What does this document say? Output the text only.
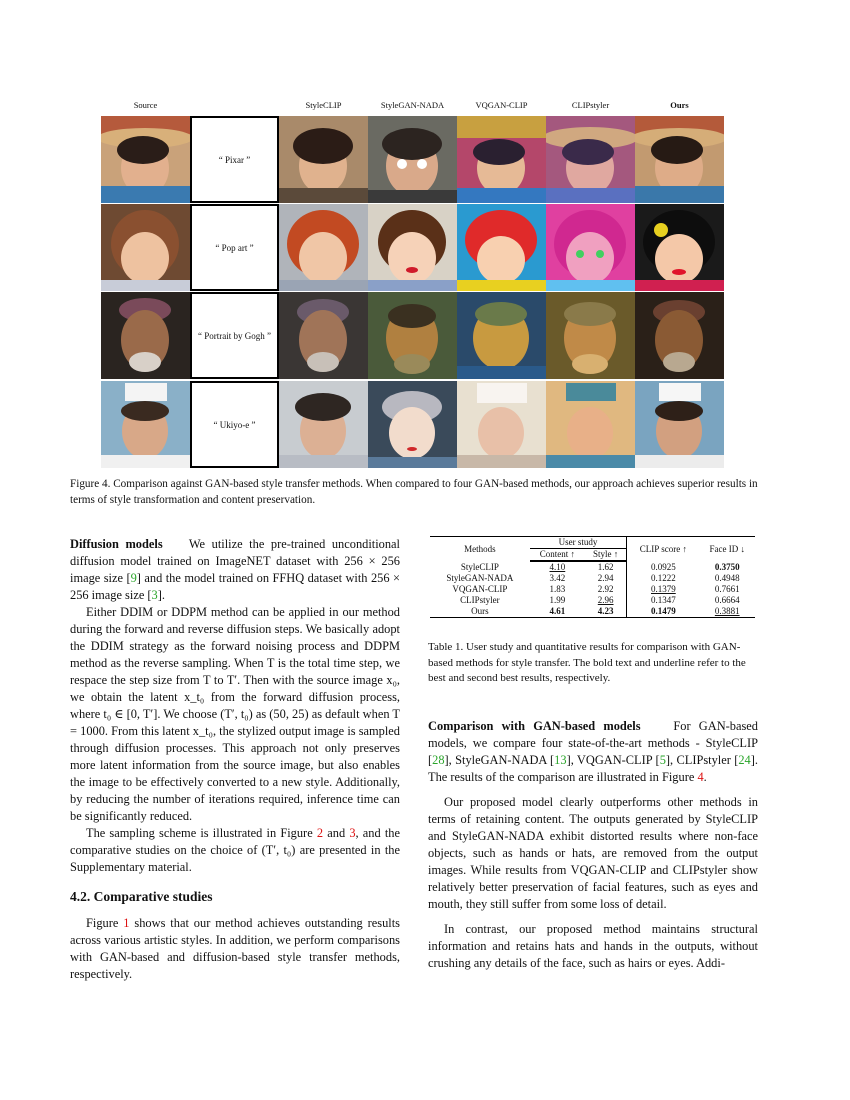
Source	StyleCLIP	StyleGAN-NADA	VQGAN-CLIP	CLIPstyler	Ours
“ Pixar ”
“ Pop art ”
“ Portrait by Gogh ”
“ Ukiyo-e ”
Figure 4. Comparison against GAN-based style transfer methods. When compared to four GAN-based methods, our approach achieves superior results in terms of style transformation and content preservation.

Diffusion models We utilize the pre-trained unconditional diffusion model trained on ImageNET dataset with 256 × 256 image size [9] and the model trained on FFHQ dataset with 256 × 256 image size [3].

Either DDIM or DDPM method can be applied in our method during the forward and reverse diffusion steps. We basically adopt the DDIM strategy as the forward noising process and DDPM method as the reverse sampling. When T is the total time step, we respace the step size from T to T′. Then with the source image x₀, we obtain the latent x_t₀ from the forward diffusion process, where t₀ ∈ [0, T′]. We choose (T′, t₀) as (50, 25) as default when T = 1000. From this latent x_t₀, the stylized output image is sampled through diffusion processes. This approach not only preserves more latent information from the source image, but also enables the image to be effectively converted to a new style. Additionally, by reducing the number of iterations required, inference time can be significantly reduced.

The sampling scheme is illustrated in Figure 2 and 3, and the comparative studies on the choice of (T′, t₀) are presented in the Supplementary material.

4.2. Comparative studies

Figure 1 shows that our method achieves outstanding results across various artistic styles. In addition, we perform comparisons with GAN-based and diffusion-based style transfer methods, respectively.

Methods	User study		CLIP score ↑	Face ID ↓
	Content ↑	Style ↑	
StyleCLIP	4.10	1.62	0.0925	0.3750
StyleGAN-NADA	3.42	2.94	0.1222	0.4948
VQGAN-CLIP	1.83	2.92	0.1379	0.7661
CLIPstyler	1.99	2.96	0.1347	0.6664
Ours	4.61	4.23	0.1479	0.3881
Table 1. User study and quantitative results for comparison with GAN-based methods for style transfer. The bold text and underline refer to the best and second best results, respectively.

Comparison with GAN-based models	For GAN-based models, we compare four state-of-the-art methods - StyleCLIP [28], StyleGAN-NADA [13], VQGAN-CLIP [5], CLIPstyler [24]. The results of the comparison are illustrated in Figure 4.

Our proposed model clearly outperforms other methods in terms of retaining content. The outputs generated by StyleCLIP and StyleGAN-NADA exhibit distorted results where non-face objects, such as hands or hats, are removed from the output images. While results from VQGAN-CLIP and CLIPstyler show relatively better preservation of facial features, such as eyes and mouth, they still suffer from some loss of detail.

In contrast, our proposed method maintains structural information and retains hats and hands in the outputs, without crushing any details of the face, such as hairs or eyes. Addi-
